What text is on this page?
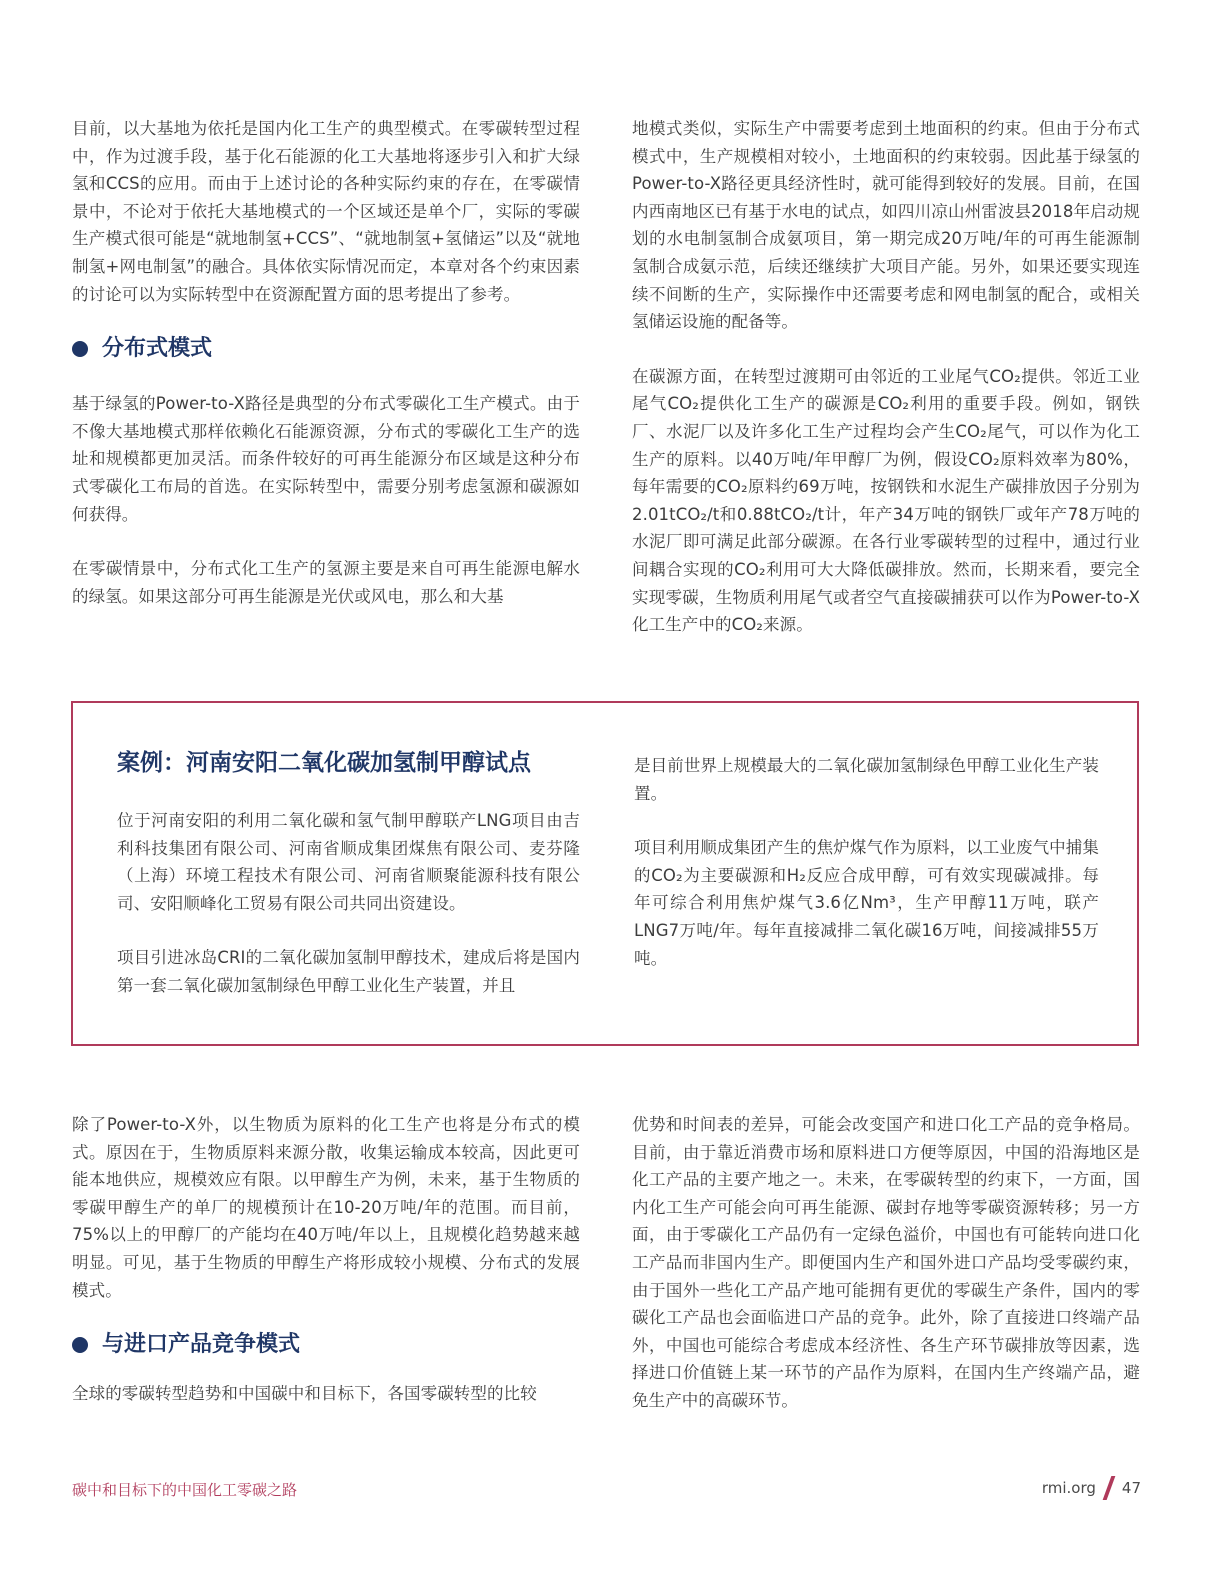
目前，以大基地为依托是国内化工生产的典型模式。在零碳转型过程中，作为过渡手段，基于化石能源的化工大基地将逐步引入和扩大绿氢和CCS的应用。而由于上述讨论的各种实际约束的存在，在零碳情景中，不论对于依托大基地模式的一个区域还是单个厂，实际的零碳生产模式很可能是“就地制氢+CCS”、“就地制氢+氢储运”以及“就地制氢+网电制氢”的融合。具体依实际情况而定，本章对各个约束因素的讨论可以为实际转型中在资源配置方面的思考提出了参考。

分布式模式

基于绿氢的Power-to-X路径是典型的分布式零碳化工生产模式。由于不像大基地模式那样依赖化石能源资源，分布式的零碳化工生产的选址和规模都更加灵活。而条件较好的可再生能源分布区域是这种分布式零碳化工布局的首选。在实际转型中，需要分别考虑氢源和碳源如何获得。

在零碳情景中，分布式化工生产的氢源主要是来自可再生能源电解水的绿氢。如果这部分可再生能源是光伏或风电，那么和大基

地模式类似，实际生产中需要考虑到土地面积的约束。但由于分布式模式中，生产规模相对较小，土地面积的约束较弱。因此基于绿氢的Power-to-X路径更具经济性时，就可能得到较好的发展。目前，在国内西南地区已有基于水电的试点，如四川凉山州雷波县2018年启动规划的水电制氢制合成氨项目，第一期完成20万吨/年的可再生能源制氢制合成氨示范，后续还继续扩大项目产能。另外，如果还要实现连续不间断的生产，实际操作中还需要考虑和网电制氢的配合，或相关氢储运设施的配备等。

在碳源方面，在转型过渡期可由邻近的工业尾气CO₂提供。邻近工业尾气CO₂提供化工生产的碳源是CO₂利用的重要手段。例如，钢铁厂、水泥厂以及许多化工生产过程均会产生CO₂尾气，可以作为化工生产的原料。以40万吨/年甲醇厂为例，假设CO₂原料效率为80%，每年需要的CO₂原料约69万吨，按钢铁和水泥生产碳排放因子分别为2.01tCO₂/t和0.88tCO₂/t计，年产34万吨的钢铁厂或年产78万吨的水泥厂即可满足此部分碳源。在各行业零碳转型的过程中，通过行业间耦合实现的CO₂利用可大大降低碳排放。然而，长期来看，要完全实现零碳，生物质利用尾气或者空气直接碳捕获可以作为Power-to-X化工生产中的CO₂来源。

案例：河南安阳二氧化碳加氢制甲醇试点

位于河南安阳的利用二氧化碳和氢气制甲醇联产LNG项目由吉利科技集团有限公司、河南省顺成集团煤焦有限公司、麦芬隆（上海）环境工程技术有限公司、河南省顺聚能源科技有限公司、安阳顺峰化工贸易有限公司共同出资建设。

项目引进冰岛CRI的二氧化碳加氢制甲醇技术，建成后将是国内第一套二氧化碳加氢制绿色甲醇工业化生产装置，并且

是目前世界上规模最大的二氧化碳加氢制绿色甲醇工业化生产装置。

项目利用顺成集团产生的焦炉煤气作为原料，以工业废气中捕集的CO₂为主要碳源和H₂反应合成甲醇，可有效实现碳减排。每年可综合利用焦炉煤气3.6亿Nm³，生产甲醇11万吨，联产LNG7万吨/年。每年直接减排二氧化碳16万吨，间接减排55万吨。

除了Power-to-X外，以生物质为原料的化工生产也将是分布式的模式。原因在于，生物质原料来源分散，收集运输成本较高，因此更可能本地供应，规模效应有限。以甲醇生产为例，未来，基于生物质的零碳甲醇生产的单厂的规模预计在10-20万吨/年的范围。而目前，75%以上的甲醇厂的产能均在40万吨/年以上，且规模化趋势越来越明显。可见，基于生物质的甲醇生产将形成较小规模、分布式的发展模式。

与进口产品竞争模式

全球的零碳转型趋势和中国碳中和目标下，各国零碳转型的比较

优势和时间表的差异，可能会改变国产和进口化工产品的竞争格局。目前，由于靠近消费市场和原料进口方便等原因，中国的沿海地区是化工产品的主要产地之一。未来，在零碳转型的约束下，一方面，国内化工生产可能会向可再生能源、碳封存地等零碳资源转移；另一方面，由于零碳化工产品仍有一定绿色溢价，中国也有可能转向进口化工产品而非国内生产。即便国内生产和国外进口产品均受零碳约束，由于国外一些化工产品产地可能拥有更优的零碳生产条件，国内的零碳化工产品也会面临进口产品的竞争。此外，除了直接进口终端产品外，中国也可能综合考虑成本经济性、各生产环节碳排放等因素，选择进口价值链上某一环节的产品作为原料，在国内生产终端产品，避免生产中的高碳环节。

碳中和目标下的中国化工零碳之路	rmi.org 47
